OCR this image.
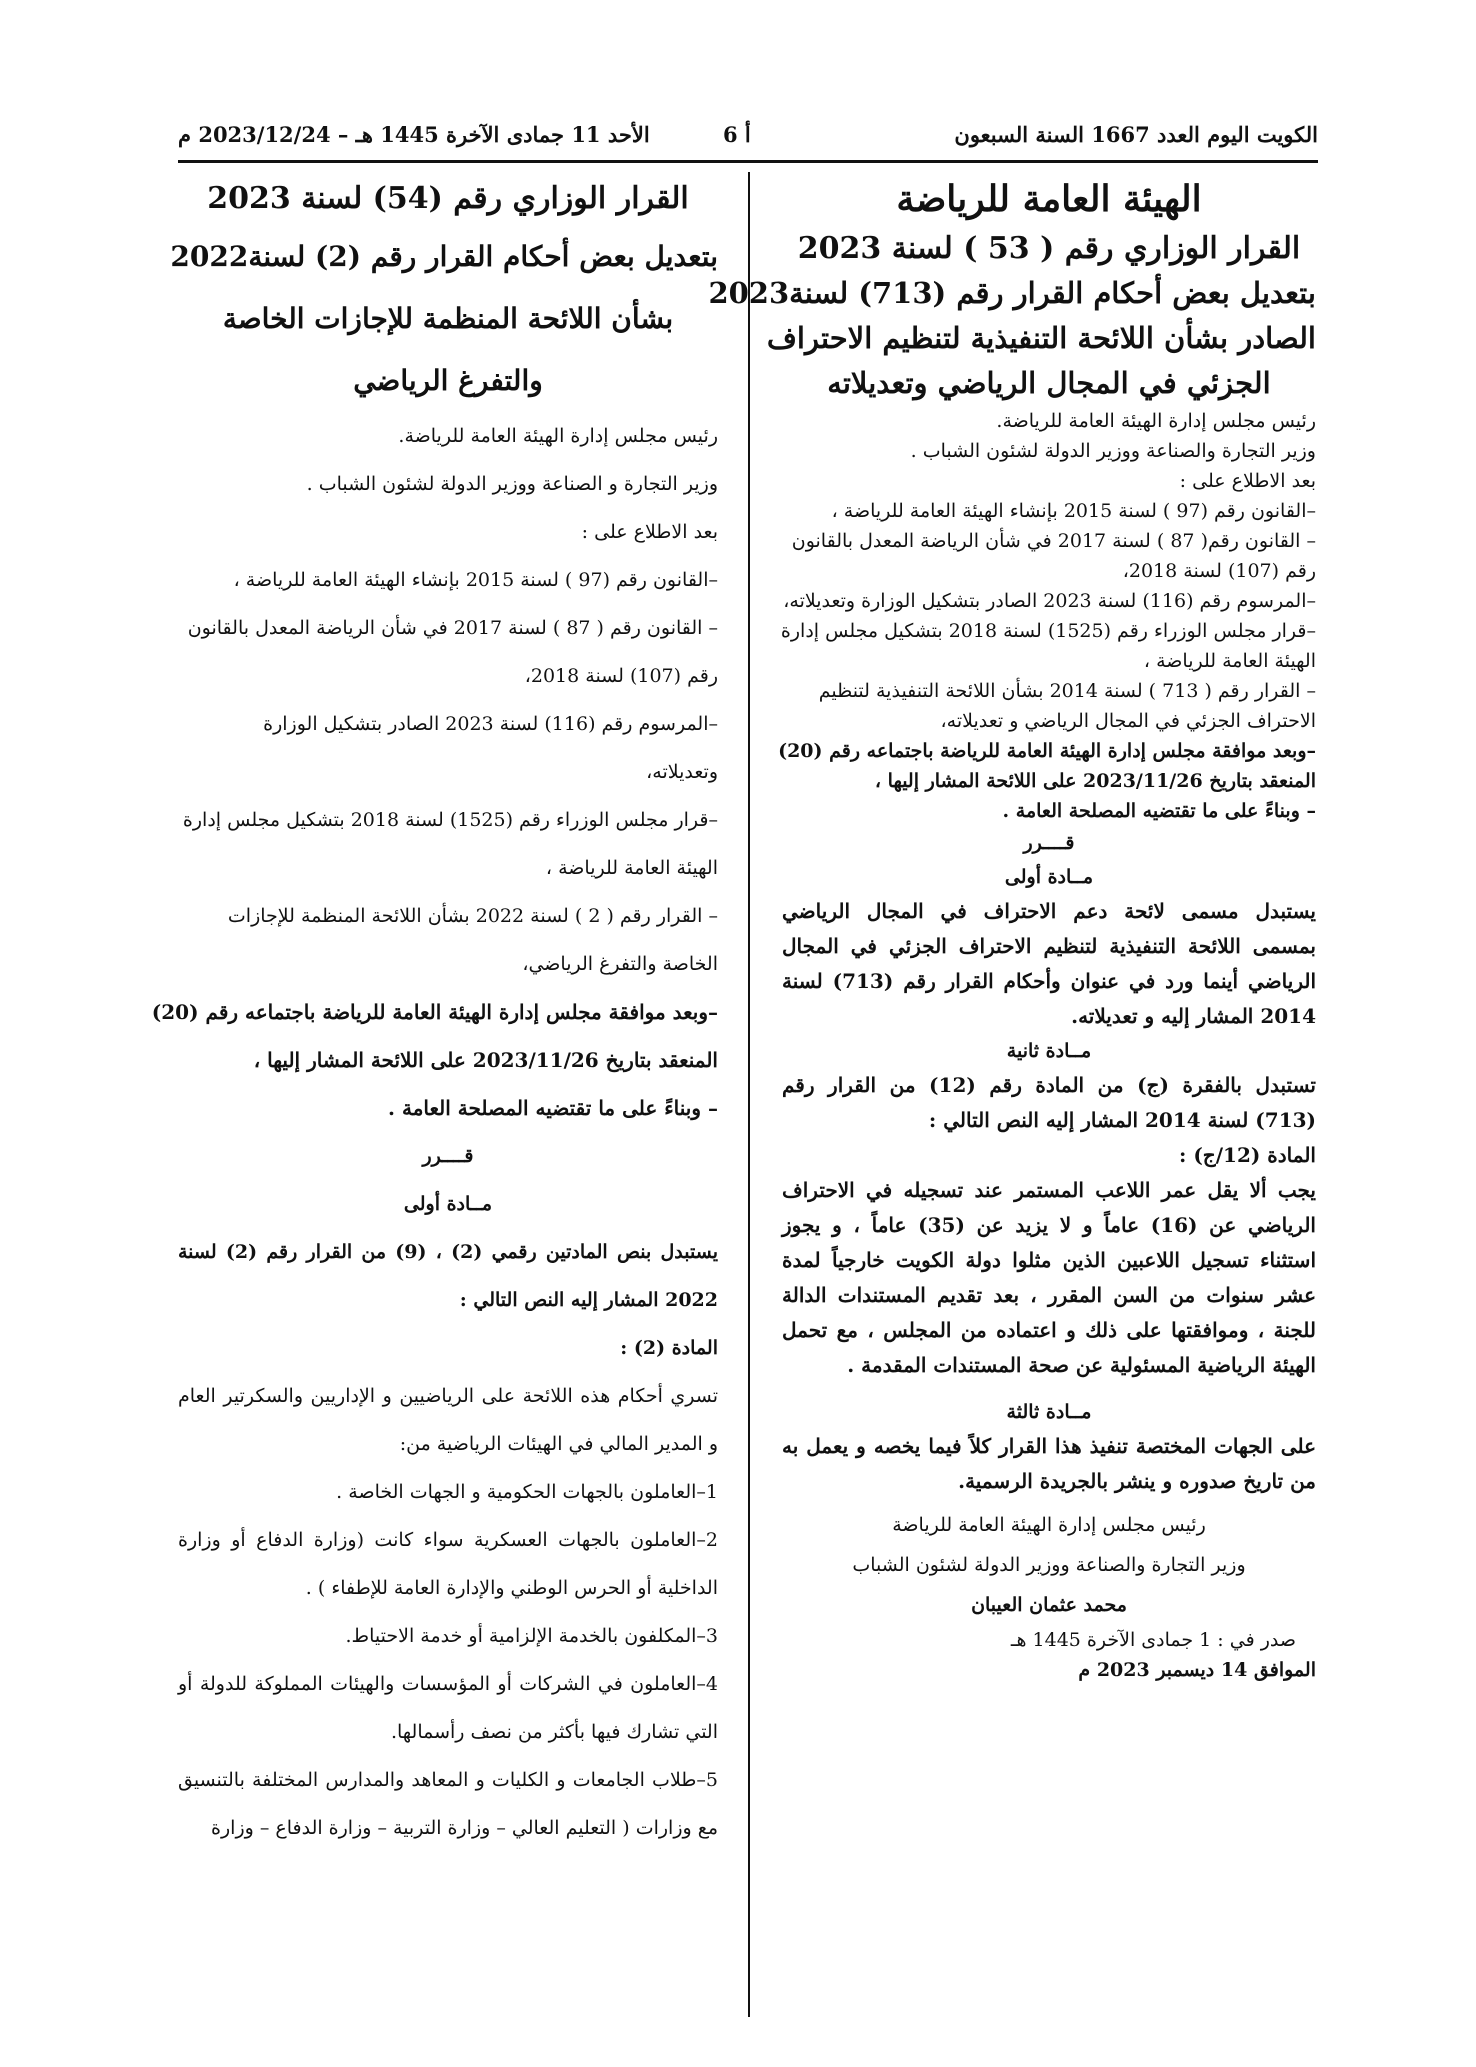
الكويت اليوم العدد 1667 السنة السبعون
أ 6
الأحد 11 جمادى الآخرة 1445 هـ – 2023/12/24 م

الهيئة العامة للرياضة

القرار الوزاري رقم ( 53 ) لسنة 2023

بتعديل بعض أحكام القرار رقم (713) لسنة2023

الصادر بشأن اللائحة التنفيذية لتنظيم الاحتراف

الجزئي في المجال الرياضي وتعديلاته

رئيس مجلس إدارة الهيئة العامة للرياضة.

وزير التجارة والصناعة ووزير الدولة لشئون الشباب .

بعد الاطلاع على :

–القانون رقم (97 ) لسنة 2015 بإنشاء الهيئة العامة للرياضة ،

– القانون رقم( 87 ) لسنة 2017 في شأن الرياضة المعدل بالقانون

رقم (107) لسنة 2018،

–المرسوم رقم (116) لسنة 2023 الصادر بتشكيل الوزارة وتعديلاته،

–قرار مجلس الوزراء رقم (1525) لسنة 2018 بتشكيل مجلس إدارة

الهيئة العامة للرياضة ،

– القرار رقم ( 713 ) لسنة 2014 بشأن اللائحة التنفيذية لتنظيم

الاحتراف الجزئي في المجال الرياضي و تعديلاته،

–وبعد موافقة مجلس إدارة الهيئة العامة للرياضة باجتماعه رقم (20)

المنعقد بتاريخ 2023/11/26 على اللائحة المشار إليها ،

– وبناءً على ما تقتضيه المصلحة العامة .

قــــرر

مــادة أولى

يستبدل مسمى لائحة دعم الاحتراف في المجال الرياضي بمسمى اللائحة التنفيذية لتنظيم الاحتراف الجزئي في المجال الرياضي أينما ورد في عنوان وأحكام القرار رقم (713) لسنة 2014 المشار إليه و تعديلاته.

مــادة ثانية

تستبدل بالفقرة (ج) من المادة رقم (12) من القرار رقم (713) لسنة 2014 المشار إليه النص التالي :

المادة (12/ج) :

يجب ألا يقل عمر اللاعب المستمر عند تسجيله في الاحتراف الرياضي عن (16) عاماً و لا يزيد عن (35) عاماً ، و يجوز استثناء تسجيل اللاعبين الذين مثلوا دولة الكويت خارجياً لمدة عشر سنوات من السن المقرر ، بعد تقديم المستندات الدالة للجنة ، وموافقتها على ذلك و اعتماده من المجلس ، مع تحمل الهيئة الرياضية المسئولية عن صحة المستندات المقدمة .

مــادة ثالثة

على الجهات المختصة تنفيذ هذا القرار كلاً فيما يخصه و يعمل به من تاريخ صدوره و ينشر بالجريدة الرسمية.

رئيس مجلس إدارة الهيئة العامة للرياضة

وزير التجارة والصناعة ووزير الدولة لشئون الشباب

محمد عثمان العيبان

صدر في : 1 جمادى الآخرة 1445 هـ

الموافق 14 ديسمبر 2023 م

القرار الوزاري رقم (54) لسنة 2023

بتعديل بعض أحكام القرار رقم (2) لسنة2022

بشأن اللائحة المنظمة للإجازات الخاصة

والتفرغ الرياضي

رئيس مجلس إدارة الهيئة العامة للرياضة.

وزير التجارة و الصناعة ووزير الدولة لشئون الشباب .

بعد الاطلاع على :

–القانون رقم (97 ) لسنة 2015 بإنشاء الهيئة العامة للرياضة ،

– القانون رقم ( 87 ) لسنة 2017 في شأن الرياضة المعدل بالقانون

رقم (107) لسنة 2018،

–المرسوم رقم (116) لسنة 2023 الصادر بتشكيل الوزارة

وتعديلاته،

–قرار مجلس الوزراء رقم (1525) لسنة 2018 بتشكيل مجلس إدارة

الهيئة العامة للرياضة ،

– القرار رقم ( 2 ) لسنة 2022 بشأن اللائحة المنظمة للإجازات

الخاصة والتفرغ الرياضي،

–وبعد موافقة مجلس إدارة الهيئة العامة للرياضة باجتماعه رقم (20)

المنعقد بتاريخ 2023/11/26 على اللائحة المشار إليها ،

– وبناءً على ما تقتضيه المصلحة العامة .

قــــرر

مــادة أولى

يستبدل بنص المادتين رقمي (2) ، (9) من القرار رقم (2) لسنة 2022 المشار إليه النص التالي :

المادة (2) :

تسري أحكام هذه اللائحة على الرياضيين و الإداريين والسكرتير العام و المدير المالي في الهيئات الرياضية من:

1–العاملون بالجهات الحكومية و الجهات الخاصة .

2–العاملون بالجهات العسكرية سواء كانت (وزارة الدفاع أو وزارة الداخلية أو الحرس الوطني والإدارة العامة للإطفاء ) .

3–المكلفون بالخدمة الإلزامية أو خدمة الاحتياط.

4–العاملون في الشركات أو المؤسسات والهيئات المملوكة للدولة أو التي تشارك فيها بأكثر من نصف رأسمالها.

5–طلاب الجامعات و الكليات و المعاهد والمدارس المختلفة بالتنسيق مع وزارات ( التعليم العالي – وزارة التربية – وزارة الدفاع – وزارة
